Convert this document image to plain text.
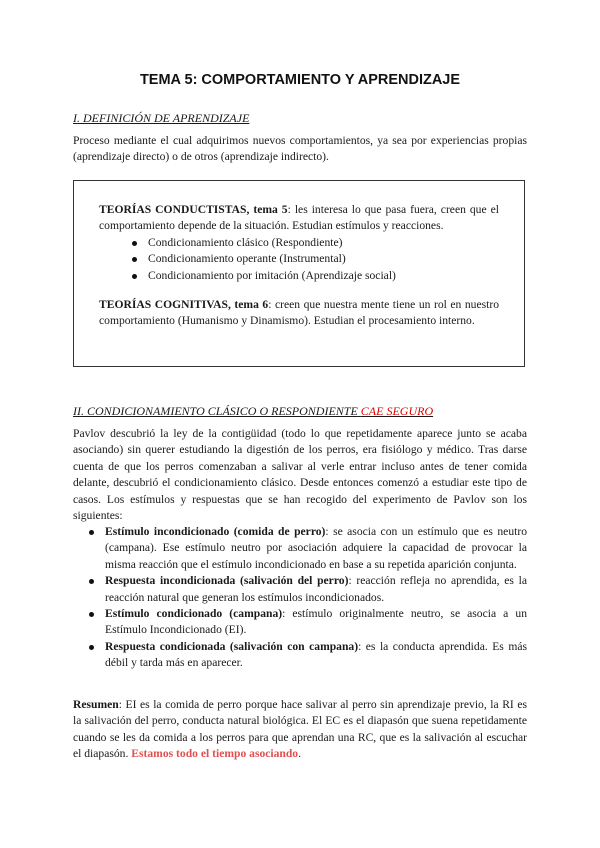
TEMA 5: COMPORTAMIENTO Y APRENDIZAJE
I. DEFINICIÓN DE APRENDIZAJE
Proceso mediante el cual adquirimos nuevos comportamientos, ya sea por experiencias propias (aprendizaje directo) o de otros (aprendizaje indirecto).
TEORÍAS CONDUCTISTAS, tema 5: les interesa lo que pasa fuera, creen que el comportamiento depende de la situación. Estudian estímulos y reacciones.
Condicionamiento clásico (Respondiente)
Condicionamiento operante (Instrumental)
Condicionamiento por imitación (Aprendizaje social)
TEORÍAS COGNITIVAS, tema 6: creen que nuestra mente tiene un rol en nuestro comportamiento (Humanismo y Dinamismo). Estudian el procesamiento interno.
II. CONDICIONAMIENTO CLÁSICO O RESPONDIENTE CAE SEGURO
Pavlov descubrió la ley de la contigüidad (todo lo que repetidamente aparece junto se acaba asociando) sin querer estudiando la digestión de los perros, era fisiólogo y médico. Tras darse cuenta de que los perros comenzaban a salivar al verle entrar incluso antes de tener comida delante, descubrió el condicionamiento clásico. Desde entonces comenzó a estudiar este tipo de casos. Los estímulos y respuestas que se han recogido del experimento de Pavlov son los siguientes:
Estímulo incondicionado (comida de perro): se asocia con un estímulo que es neutro (campana). Ese estímulo neutro por asociación adquiere la capacidad de provocar la misma reacción que el estímulo incondicionado en base a su repetida aparición conjunta.
Respuesta incondicionada (salivación del perro): reacción refleja no aprendida, es la reacción natural que generan los estímulos incondicionados.
Estímulo condicionado (campana): estímulo originalmente neutro, se asocia a un Estímulo Incondicionado (EI).
Respuesta condicionada (salivación con campana): es la conducta aprendida. Es más débil y tarda más en aparecer.
Resumen: EI es la comida de perro porque hace salivar al perro sin aprendizaje previo, la RI es la salivación del perro, conducta natural biológica. El EC es el diapasón que suena repetidamente cuando se les da comida a los perros para que aprendan una RC, que es la salivación al escuchar el diapasón. Estamos todo el tiempo asociando.
